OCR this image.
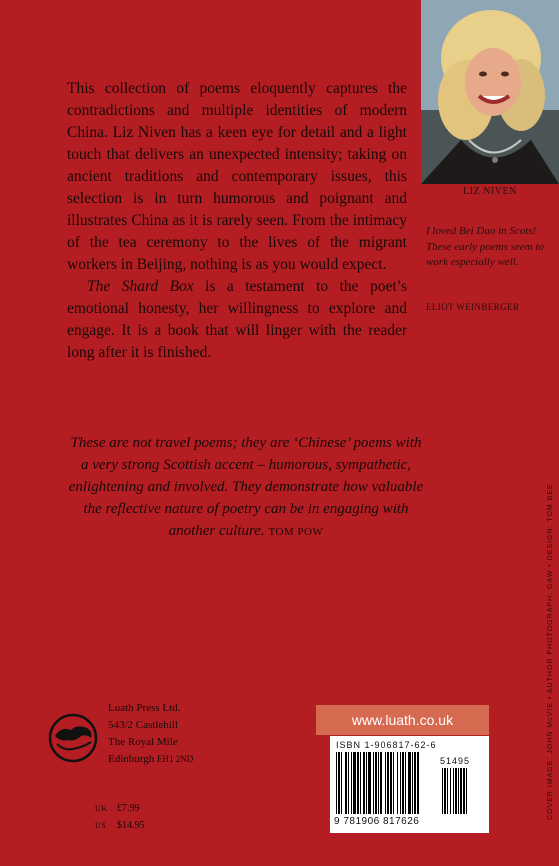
LIZ NIVEN
I loved Bei Dao in Scots! These early poems seem to work especially well.
ELIOT WEINBERGER

This collection of poems eloquently captures the contradictions and multiple identities of modern China. Liz Niven has a keen eye for detail and a light touch that delivers an unexpected intensity; taking on ancient traditions and contemporary issues, this selection is in turn humorous and poignant and illustrates China as it is rarely seen. From the intimacy of the tea ceremony to the lives of the migrant workers in Beijing, nothing is as you would expect.

The Shard Box is a testament to the poet’s emotional honesty, her willingness to explore and engage. It is a book that will linger with the reader long after it is finished.

These are not travel poems; they are ‘Chinese’ poems with a very strong Scottish accent – humorous, sympathetic, enlightening and involved. They demonstrate how valuable the reflective nature of poetry can be in engaging with another culture. TOM POW
Luath Press Ltd.
543/2 Castlehill
The Royal Mile
Edinburgh EH1 2ND
UK £7.99
US $14.95
www.luath.co.uk
ISBN 1-906817-62-6
51495
9 781906 817626
COVER IMAGE: JOHN McVIE • AUTHOR PHOTOGRAPH: GAW • DESIGN: TOM BEE
